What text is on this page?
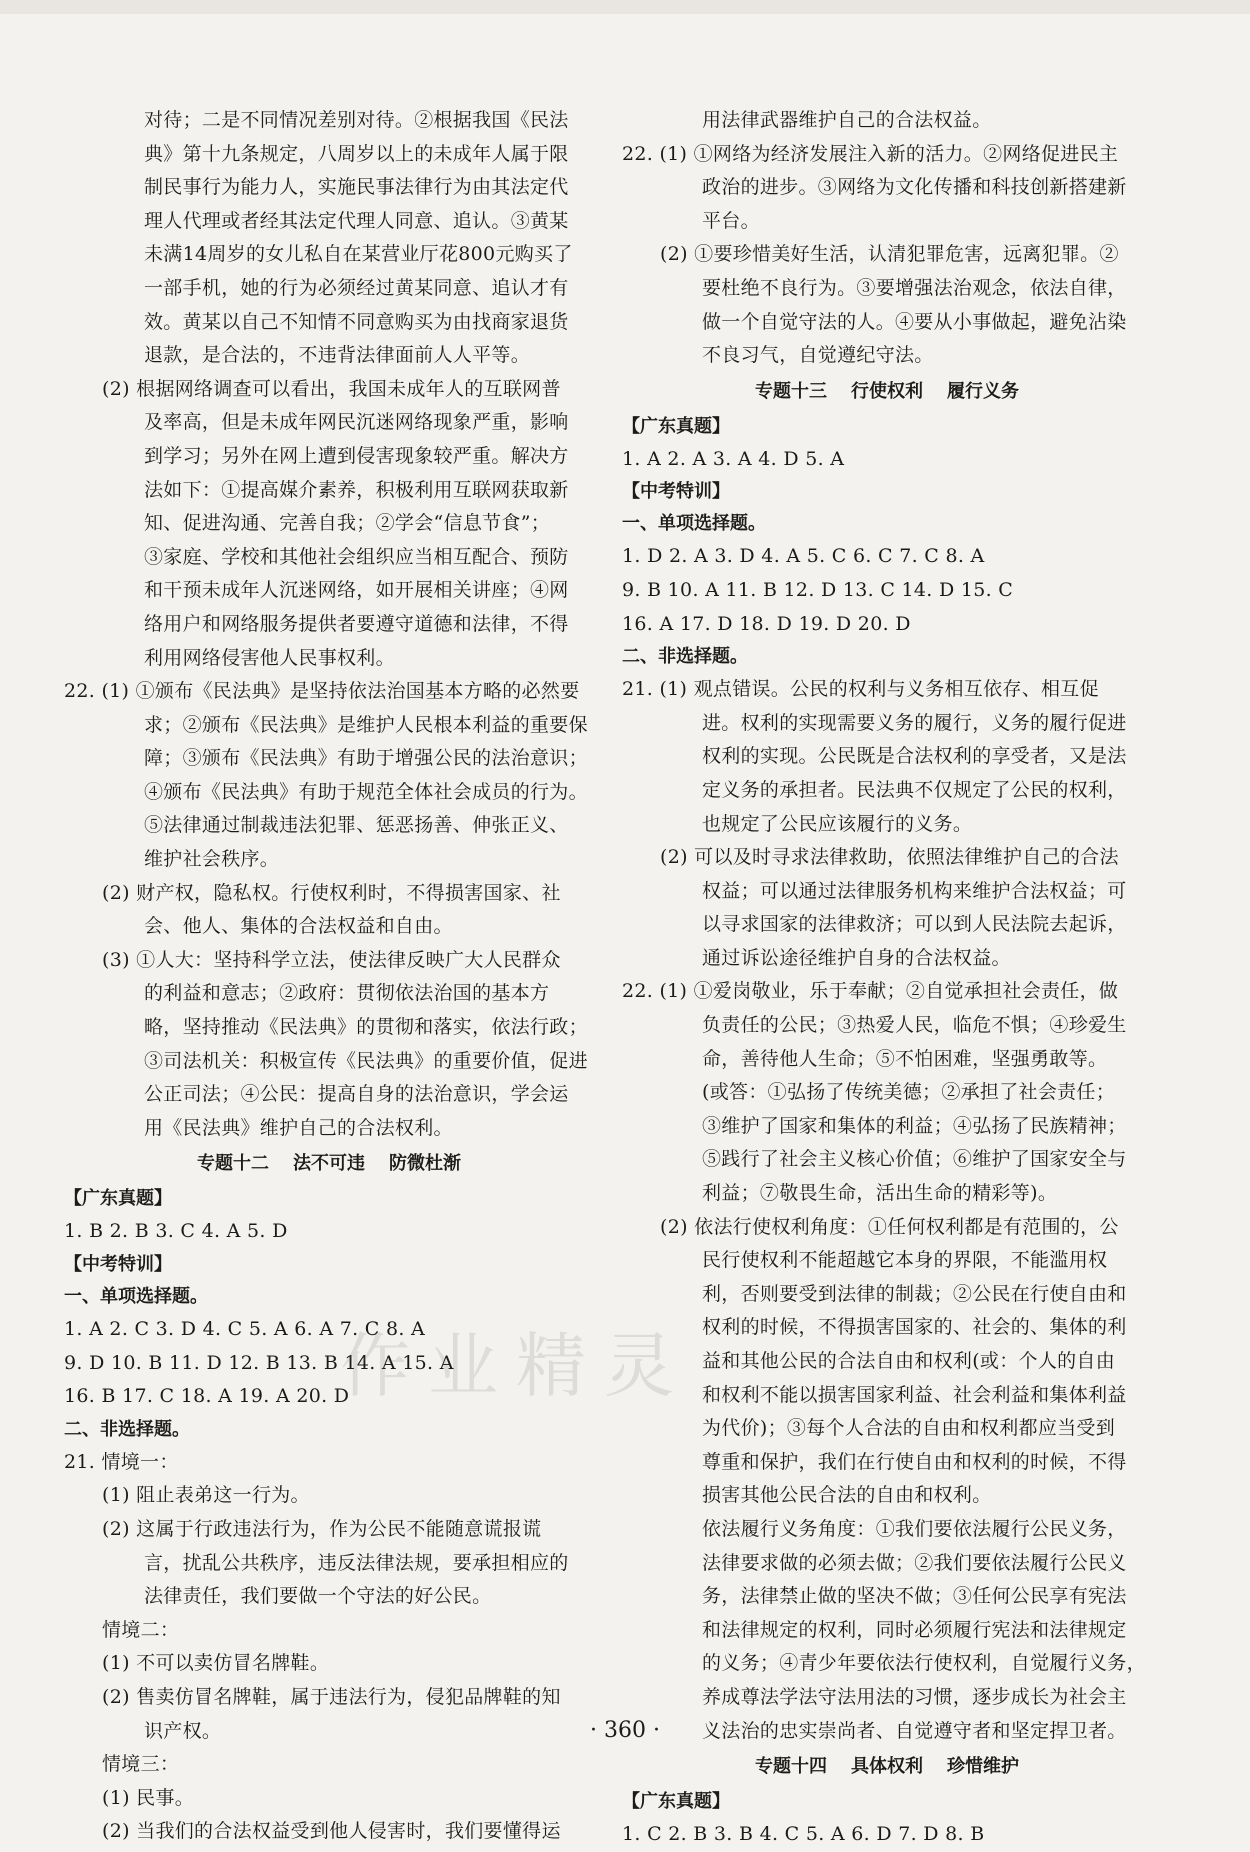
对待；二是不同情况差别对待。②根据我国《民法
典》第十九条规定，八周岁以上的未成年人属于限
制民事行为能力人，实施民事法律行为由其法定代
理人代理或者经其法定代理人同意、追认。③黄某
未满14周岁的女儿私自在某营业厅花800元购买了
一部手机，她的行为必须经过黄某同意、追认才有
效。黄某以自己不知情不同意购买为由找商家退货
退款，是合法的，不违背法律面前人人平等。
(2) 根据网络调查可以看出，我国未成年人的互联网普
及率高，但是未成年网民沉迷网络现象严重，影响
到学习；另外在网上遭到侵害现象较严重。解决方
法如下：①提高媒介素养，积极利用互联网获取新
知、促进沟通、完善自我；②学会“信息节食”；
③家庭、学校和其他社会组织应当相互配合、预防
和干预未成年人沉迷网络，如开展相关讲座；④网
络用户和网络服务提供者要遵守道德和法律，不得
利用网络侵害他人民事权利。
22. (1) ①颁布《民法典》是坚持依法治国基本方略的必然要
求；②颁布《民法典》是维护人民根本利益的重要保
障；③颁布《民法典》有助于增强公民的法治意识；
④颁布《民法典》有助于规范全体社会成员的行为。
⑤法律通过制裁违法犯罪、惩恶扬善、伸张正义、
维护社会秩序。
(2) 财产权，隐私权。行使权利时，不得损害国家、社
会、他人、集体的合法权益和自由。
(3) ①人大：坚持科学立法，使法律反映广大人民群众
的利益和意志；②政府：贯彻依法治国的基本方
略，坚持推动《民法典》的贯彻和落实，依法行政；
③司法机关：积极宣传《民法典》的重要价值，促进
公正司法；④公民：提高自身的法治意识，学会运
用《民法典》维护自己的合法权利。
专题十二 法不可违 防微杜渐
【广东真题】
1. B 2. B 3. C 4. A 5. D
【中考特训】
一、单项选择题。
1. A 2. C 3. D 4. C 5. A 6. A 7. C 8. A
9. D 10. B 11. D 12. B 13. B 14. A 15. A
16. B 17. C 18. A 19. A 20. D
二、非选择题。
21. 情境一：
(1) 阻止表弟这一行为。
(2) 这属于行政违法行为，作为公民不能随意谎报谎
言，扰乱公共秩序，违反法律法规，要承担相应的
法律责任，我们要做一个守法的好公民。
情境二：
(1) 不可以卖仿冒名牌鞋。
(2) 售卖仿冒名牌鞋，属于违法行为，侵犯品牌鞋的知
识产权。
情境三：
(1) 民事。
(2) 当我们的合法权益受到他人侵害时，我们要懂得运
用法律武器维护自己的合法权益。
22. (1) ①网络为经济发展注入新的活力。②网络促进民主
政治的进步。③网络为文化传播和科技创新搭建新
平台。
(2) ①要珍惜美好生活，认清犯罪危害，远离犯罪。②
要杜绝不良行为。③要增强法治观念，依法自律，
做一个自觉守法的人。④要从小事做起，避免沾染
不良习气，自觉遵纪守法。
专题十三 行使权利 履行义务
【广东真题】
1. A 2. A 3. A 4. D 5. A
【中考特训】
一、单项选择题。
1. D 2. A 3. D 4. A 5. C 6. C 7. C 8. A
9. B 10. A 11. B 12. D 13. C 14. D 15. C
16. A 17. D 18. D 19. D 20. D
二、非选择题。
21. (1) 观点错误。公民的权利与义务相互依存、相互促
进。权利的实现需要义务的履行，义务的履行促进
权利的实现。公民既是合法权利的享受者，又是法
定义务的承担者。民法典不仅规定了公民的权利，
也规定了公民应该履行的义务。
(2) 可以及时寻求法律救助，依照法律维护自己的合法
权益；可以通过法律服务机构来维护合法权益；可
以寻求国家的法律救济；可以到人民法院去起诉，
通过诉讼途径维护自身的合法权益。
22. (1) ①爱岗敬业，乐于奉献；②自觉承担社会责任，做
负责任的公民；③热爱人民，临危不惧；④珍爱生
命，善待他人生命；⑤不怕困难，坚强勇敢等。
(或答：①弘扬了传统美德；②承担了社会责任；
③维护了国家和集体的利益；④弘扬了民族精神；
⑤践行了社会主义核心价值；⑥维护了国家安全与
利益；⑦敬畏生命，活出生命的精彩等)。
(2) 依法行使权利角度：①任何权利都是有范围的，公
民行使权利不能超越它本身的界限，不能滥用权
利，否则要受到法律的制裁；②公民在行使自由和
权利的时候，不得损害国家的、社会的、集体的利
益和其他公民的合法自由和权利(或：个人的自由
和权利不能以损害国家利益、社会利益和集体利益
为代价)；③每个人合法的自由和权利都应当受到
尊重和保护，我们在行使自由和权利的时候，不得
损害其他公民合法的自由和权利。
依法履行义务角度：①我们要依法履行公民义务，
法律要求做的必须去做；②我们要依法履行公民义
务，法律禁止做的坚决不做；③任何公民享有宪法
和法律规定的权利，同时必须履行宪法和法律规定
的义务；④青少年要依法行使权利，自觉履行义务，
养成尊法学法守法用法的习惯，逐步成长为社会主
义法治的忠实崇尚者、自觉遵守者和坚定捍卫者。
专题十四 具体权利 珍惜维护
【广东真题】
1. C 2. B 3. B 4. C 5. A 6. D 7. D 8. B
作业精灵
· 360 ·
